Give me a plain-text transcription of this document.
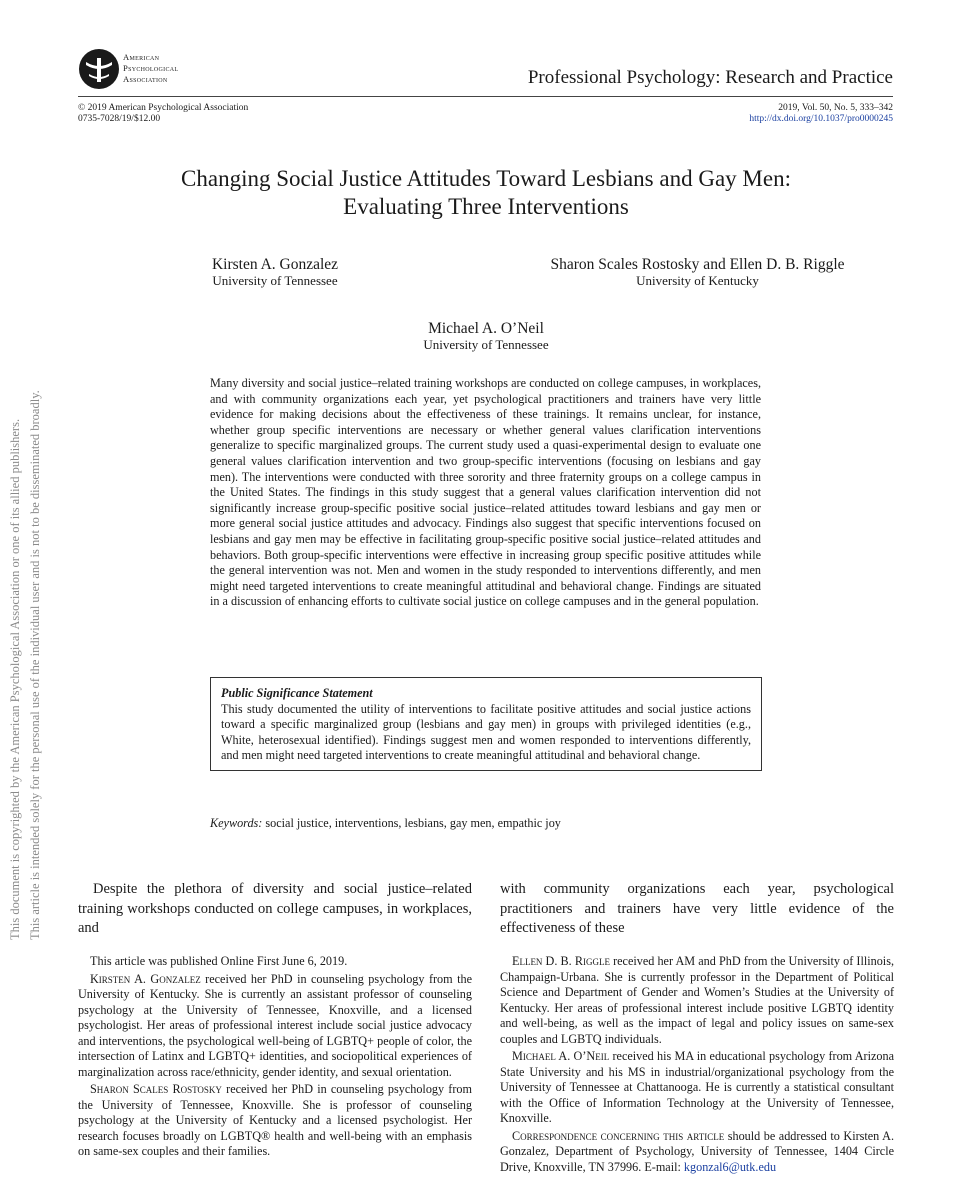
American
Psychological
Association	Professional Psychology: Research and Practice
© 2019 American Psychological Association
0735-7028/19/$12.00
2019, Vol. 50, No. 5, 333–342
http://dx.doi.org/10.1037/pro0000245
Changing Social Justice Attitudes Toward Lesbians and Gay Men:
Evaluating Three Interventions
Kirsten A. Gonzalez
University of Tennessee
Sharon Scales Rostosky and Ellen D. B. Riggle
University of Kentucky
Michael A. O’Neil
University of Tennessee
Many diversity and social justice–related training workshops are conducted on college campuses, in workplaces, and with community organizations each year, yet psychological practitioners and trainers have very little evidence for making decisions about the effectiveness of these trainings. It remains unclear, for instance, whether group specific interventions are necessary or whether general values clarification interventions generalize to specific marginalized groups. The current study used a quasi-experimental design to evaluate one general values clarification intervention and two group-specific interventions (focusing on lesbians and gay men). The interventions were conducted with three sorority and three fraternity groups on a college campus in the United States. The findings in this study suggest that a general values clarification intervention did not significantly increase group-specific positive social justice–related attitudes toward lesbians and gay men or more general social justice attitudes and advocacy. Findings also suggest that specific interventions focused on lesbians and gay men may be effective in facilitating group-specific positive social justice–related attitudes and behaviors. Both group-specific interventions were effective in increasing group specific positive attitudes while the general intervention was not. Men and women in the study responded to interventions differently, and men might need targeted interventions to create meaningful attitudinal and behavioral change. Findings are situated in a discussion of enhancing efforts to cultivate social justice on college campuses and in the general population.
Public Significance Statement
This study documented the utility of interventions to facilitate positive attitudes and social justice actions toward a specific marginalized group (lesbians and gay men) in groups with privileged identities (e.g., White, heterosexual identified). Findings suggest men and women responded to interventions differently, and men might need targeted interventions to create meaningful attitudinal and behavioral change.
Keywords: social justice, interventions, lesbians, gay men, empathic joy
Despite the plethora of diversity and social justice–related training workshops conducted on college campuses, in workplaces, and
with community organizations each year, psychological practitioners and trainers have very little evidence of the effectiveness of these

This article was published Online First June 6, 2019.

Kirsten A. Gonzalez received her PhD in counseling psychology from the University of Kentucky. She is currently an assistant professor of counseling psychology at the University of Tennessee, Knoxville, and a licensed psychologist. Her areas of professional interest include social justice advocacy and interventions, the psychological well-being of LGBTQ+ people of color, the intersection of Latinx and LGBTQ+ identities, and sociopolitical experiences of marginalization across race/ethnicity, gender identity, and sexual orientation.

Sharon Scales Rostosky received her PhD in counseling psychology from the University of Tennessee, Knoxville. She is professor of counseling psychology at the University of Kentucky and a licensed psychologist. Her research focuses broadly on LGBTQ® health and well-being with an emphasis on same-sex couples and their families.

Ellen D. B. Riggle received her AM and PhD from the University of Illinois, Champaign-Urbana. She is currently professor in the Department of Political Science and Department of Gender and Women’s Studies at the University of Kentucky. Her areas of professional interest include positive LGBTQ identity and well-being, as well as the impact of legal and policy issues on same-sex couples and LGBTQ individuals.

Michael A. O’Neil received his MA in educational psychology from Arizona State University and his MS in industrial/organizational psychology from the University of Tennessee at Chattanooga. He is currently a statistical consultant with the Office of Information Technology at the University of Tennessee, Knoxville.

Correspondence concerning this article should be addressed to Kirsten A. Gonzalez, Department of Psychology, University of Tennessee, 1404 Circle Drive, Knoxville, TN 37996. E-mail: kgonzal6@utk.edu

This document is copyrighted by the American Psychological Association or one of its allied publishers. This article is intended solely for the personal use of the individual user and is not to be disseminated broadly.
